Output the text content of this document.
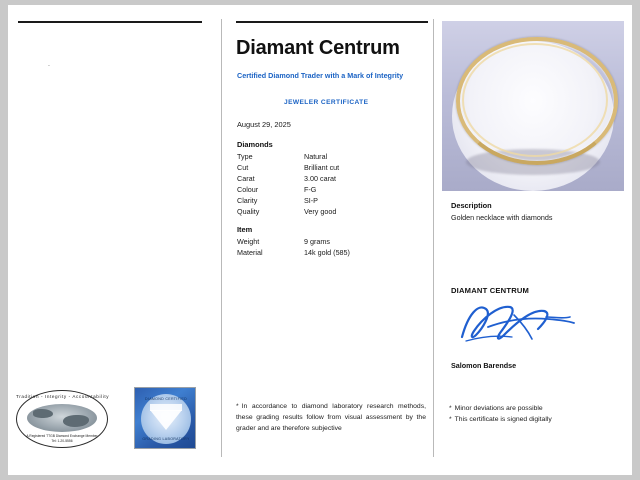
.
Tradition - Integrity - Accountability
A Registered TTGB Diamond Exchange Member
Tel: 1-20-5556
DIAMOND CERTIFIED
GRADING LABORATORY
Diamant Centrum
Certified Diamond Trader with a Mark of Integrity
JEWELER CERTIFICATE
August 29, 2025
Diamonds
Type	Natural
Cut	Brilliant cut
Carat	3.00 carat
Colour	F-G
Clarity	SI-P
Quality	Very good
Item
Weight	9 grams
Material	14k gold (585)
* In accordance to diamond laboratory research methods, these grading results follow from visual assessment by the grader and are therefore subjective
Description
Golden necklace with diamonds
DIAMANT CENTRUM
Salomon Barendse
* Minor deviations are possible
* This certificate is signed digitally
